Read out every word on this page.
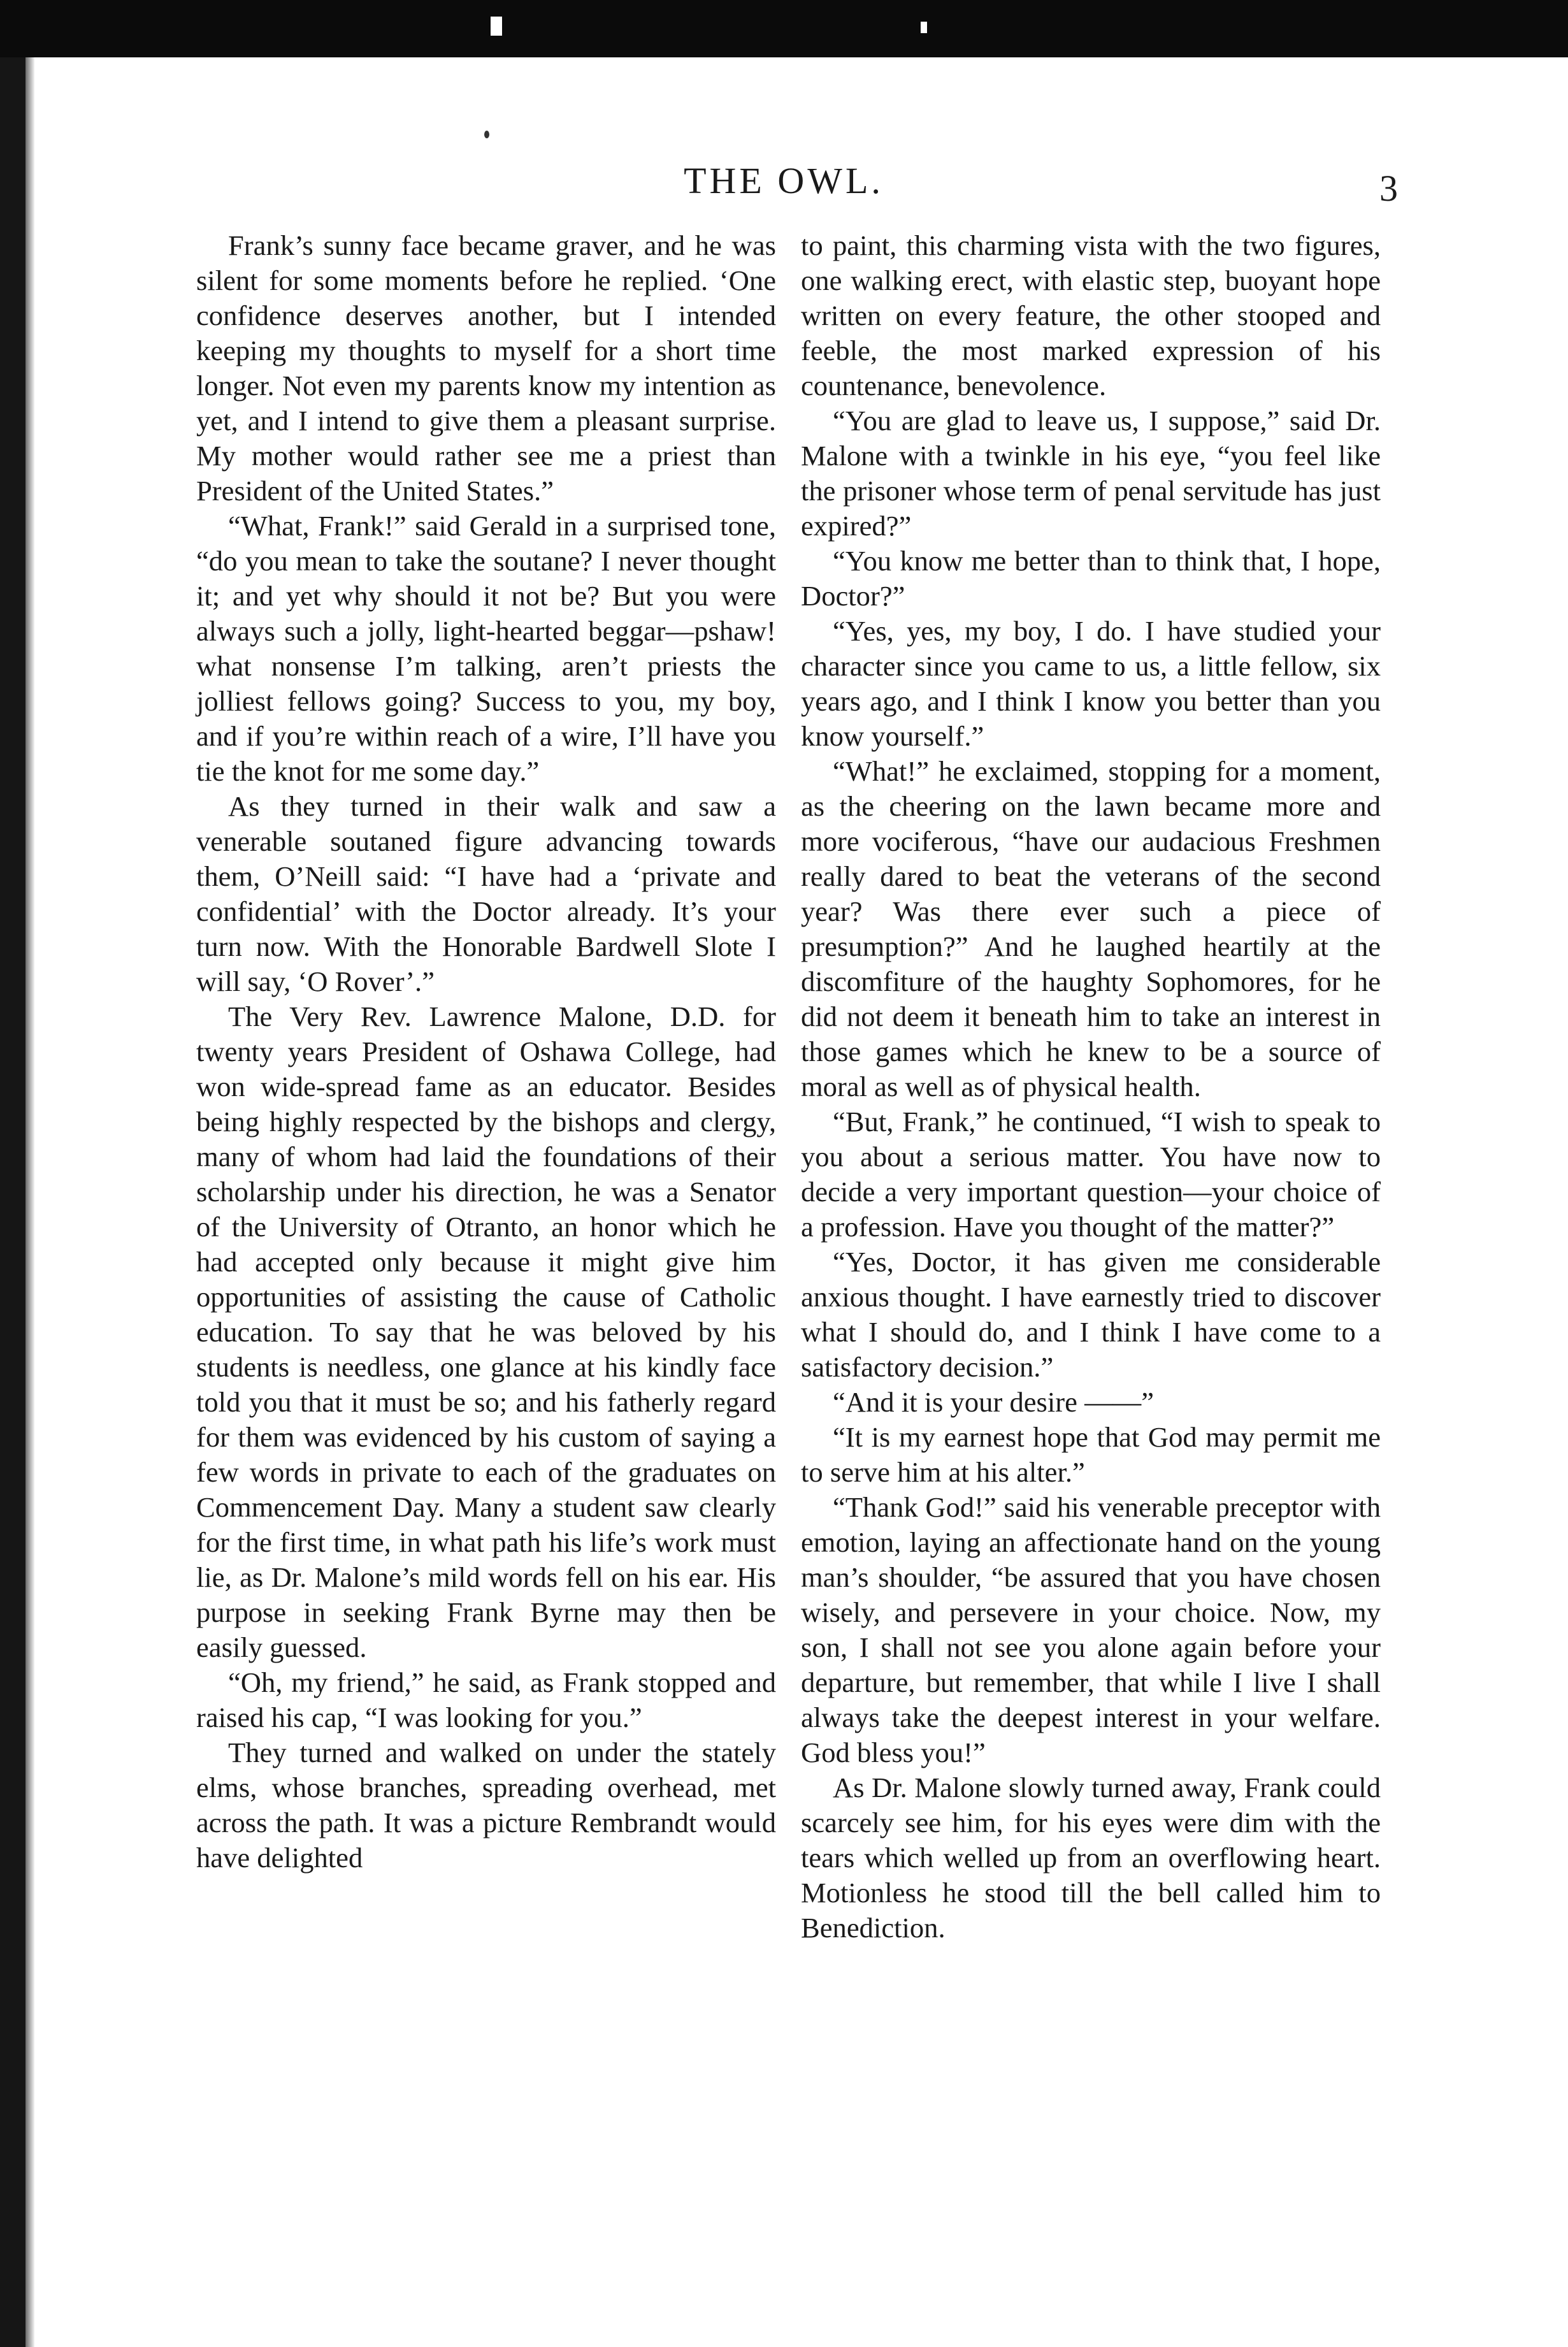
THE OWL.	3

Frank’s sunny face became graver, and he was silent for some moments before he replied. ‘One confidence deserves another, but I intended keeping my thoughts to myself for a short time longer. Not even my parents know my intention as yet, and I intend to give them a pleasant surprise. My mother would rather see me a priest than President of the United States.”

“What, Frank!” said Gerald in a surprised tone, “do you mean to take the soutane? I never thought it; and yet why should it not be? But you were always such a jolly, light-hearted beggar—pshaw! what nonsense I’m talking, aren’t priests the jolliest fellows going? Success to you, my boy, and if you’re within reach of a wire, I’ll have you tie the knot for me some day.”

As they turned in their walk and saw a venerable soutaned figure advancing towards them, O’Neill said: “I have had a ‘private and confidential’ with the Doctor already. It’s your turn now. With the Honorable Bardwell Slote I will say, ‘O Rover’.”

The Very Rev. Lawrence Malone, D.D. for twenty years President of Oshawa College, had won wide-spread fame as an educator. Besides being highly respected by the bishops and clergy, many of whom had laid the foundations of their scholarship under his direction, he was a Senator of the University of Otranto, an honor which he had accepted only because it might give him opportunities of assisting the cause of Catholic education. To say that he was beloved by his students is needless, one glance at his kindly face told you that it must be so; and his fatherly regard for them was evidenced by his custom of saying a few words in private to each of the graduates on Commencement Day. Many a student saw clearly for the first time, in what path his life’s work must lie, as Dr. Malone’s mild words fell on his ear. His purpose in seeking Frank Byrne may then be easily guessed.

“Oh, my friend,” he said, as Frank stopped and raised his cap, “I was looking for you.”

They turned and walked on under the stately elms, whose branches, spreading overhead, met across the path. It was a picture Rembrandt would have delighted

to paint, this charming vista with the two figures, one walking erect, with elastic step, buoyant hope written on every feature, the other stooped and feeble, the most marked expression of his countenance, benevolence.

“You are glad to leave us, I suppose,” said Dr. Malone with a twinkle in his eye, “you feel like the prisoner whose term of penal servitude has just expired?”

“You know me better than to think that, I hope, Doctor?”

“Yes, yes, my boy, I do. I have studied your character since you came to us, a little fellow, six years ago, and I think I know you better than you know yourself.”

“What!” he exclaimed, stopping for a moment, as the cheering on the lawn became more and more vociferous, “have our audacious Freshmen really dared to beat the veterans of the second year? Was there ever such a piece of presumption?” And he laughed heartily at the discomfiture of the haughty Sophomores, for he did not deem it beneath him to take an interest in those games which he knew to be a source of moral as well as of physical health.

“But, Frank,” he continued, “I wish to speak to you about a serious matter. You have now to decide a very important question—your choice of a profession. Have you thought of the matter?”

“Yes, Doctor, it has given me considerable anxious thought. I have earnestly tried to discover what I should do, and I think I have come to a satisfactory decision.”

“And it is your desire ——”

“It is my earnest hope that God may permit me to serve him at his alter.”

“Thank God!” said his venerable preceptor with emotion, laying an affectionate hand on the young man’s shoulder, “be assured that you have chosen wisely, and persevere in your choice. Now, my son, I shall not see you alone again before your departure, but remember, that while I live I shall always take the deepest interest in your welfare. God bless you!”

As Dr. Malone slowly turned away, Frank could scarcely see him, for his eyes were dim with the tears which welled up from an overflowing heart. Motionless he stood till the bell called him to Benediction.
